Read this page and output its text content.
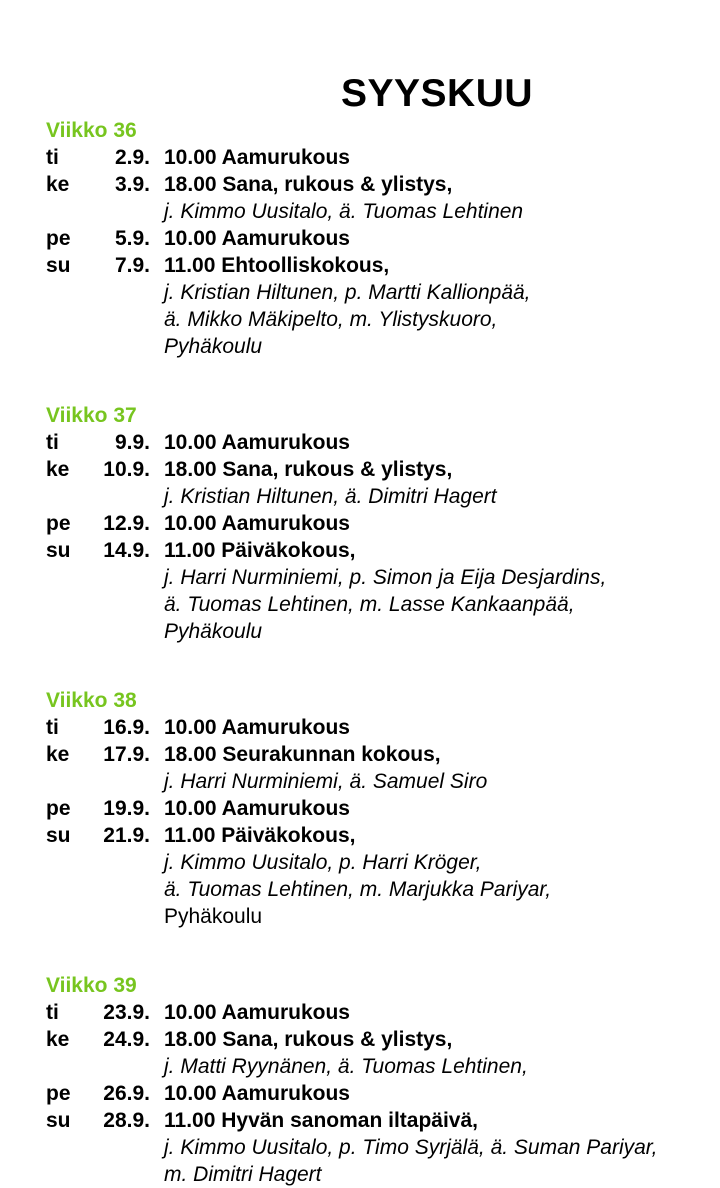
SYYSKUU
Viikko 36
ti	2.9. 10.00 Aamurukous
ke 3.9. 18.00 Sana, rukous & ylistys,
j. Kimmo Uusitalo, ä. Tuomas Lehtinen
pe 5.9. 10.00 Aamurukous
su 7.9. 11.00 Ehtoolliskokous,
j. Kristian Hiltunen, p. Martti Kallionpää,
ä. Mikko Mäkipelto, m. Ylistyskuoro,
Pyhäkoulu
Viikko 37
ti	9.9. 10.00 Aamurukous
ke 10.9. 18.00 Sana, rukous & ylistys,
j. Kristian Hiltunen, ä. Dimitri Hagert
pe 12.9. 10.00 Aamurukous
su 14.9. 11.00 Päiväkokous,
j. Harri Nurminiemi, p. Simon ja Eija Desjardins,
ä. Tuomas Lehtinen, m. Lasse Kankaanpää,
Pyhäkoulu
Viikko 38
ti 16.9. 10.00 Aamurukous
ke 17.9. 18.00 Seurakunnan kokous,
j. Harri Nurminiemi, ä. Samuel Siro
pe 19.9. 10.00 Aamurukous
su 21.9. 11.00 Päiväkokous,
j. Kimmo Uusitalo, p. Harri Kröger,
ä. Tuomas Lehtinen, m. Marjukka Pariyar,
Pyhäkoulu
Viikko 39
ti 23.9. 10.00 Aamurukous
ke 24.9. 18.00 Sana, rukous & ylistys,
j. Matti Ryynänen, ä. Tuomas Lehtinen,
pe 26.9. 10.00 Aamurukous
su 28.9. 11.00 Hyvän sanoman iltapäivä,
j. Kimmo Uusitalo, p. Timo Syrjälä, ä. Suman Pariyar,
m. Dimitri Hagert
